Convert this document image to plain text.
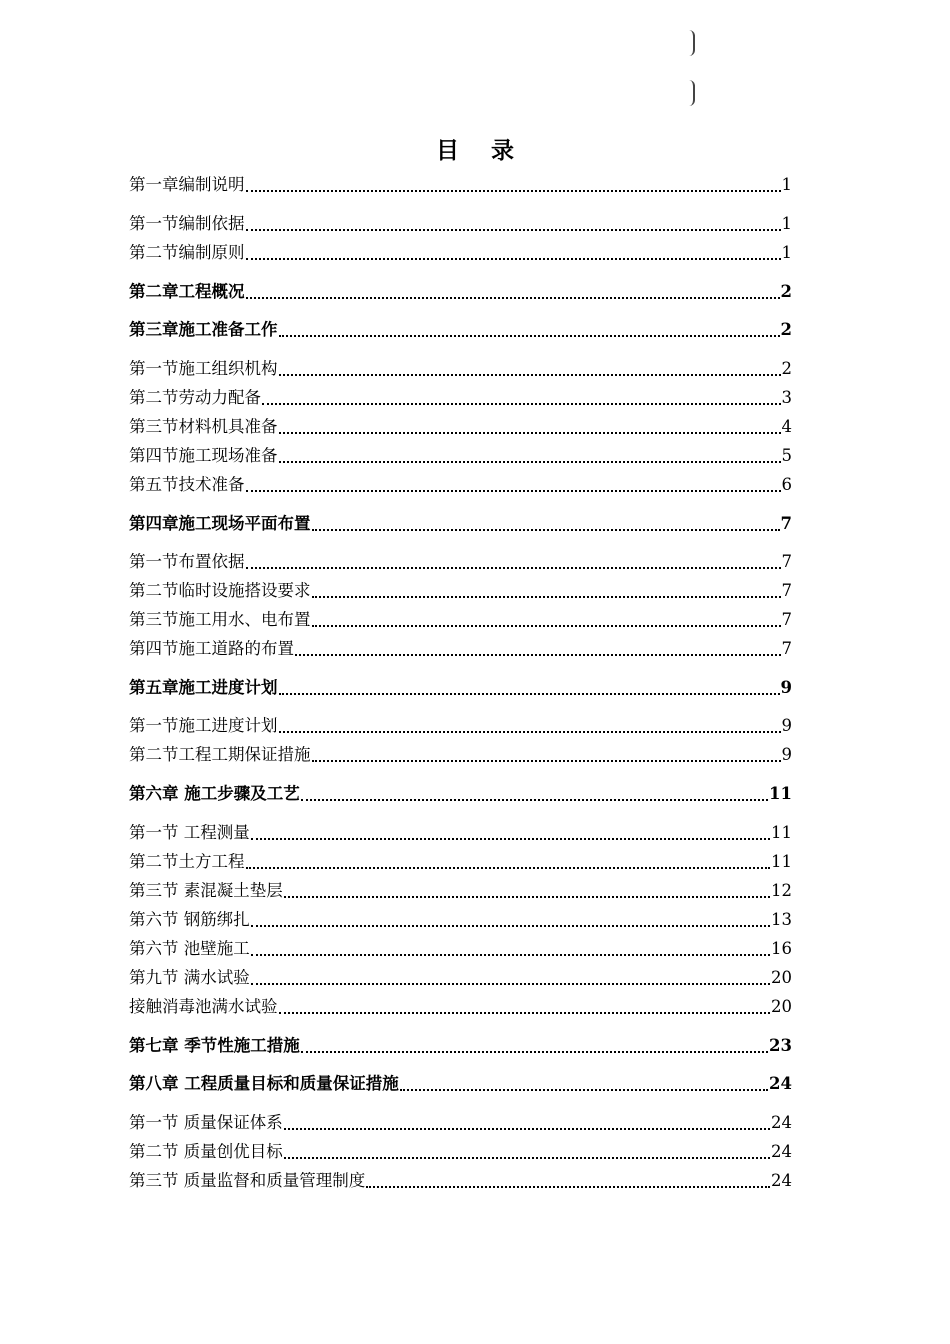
目 录
第一章编制说明	1
第一节编制依据	1
第二节编制原则	1
第二章工程概况	2
第三章施工准备工作	2
第一节施工组织机构	2
第二节劳动力配备	3
第三节材料机具准备	4
第四节施工现场准备	5
第五节技术准备	6
第四章施工现场平面布置	7
第一节布置依据	7
第二节临时设施搭设要求	7
第三节施工用水、电布置	7
第四节施工道路的布置	7
第五章施工进度计划	9
第一节施工进度计划	9
第二节工程工期保证措施	9
第六章 施工步骤及工艺	11
第一节 工程测量	11
第二节土方工程	11
第三节 素混凝土垫层	12
第六节 钢筋绑扎	13
第六节 池壁施工	16
第九节 满水试验	20
接触消毒池满水试验	20
第七章 季节性施工措施	23
第八章 工程质量目标和质量保证措施	24
第一节 质量保证体系	24
第二节 质量创优目标	24
第三节 质量监督和质量管理制度	24
